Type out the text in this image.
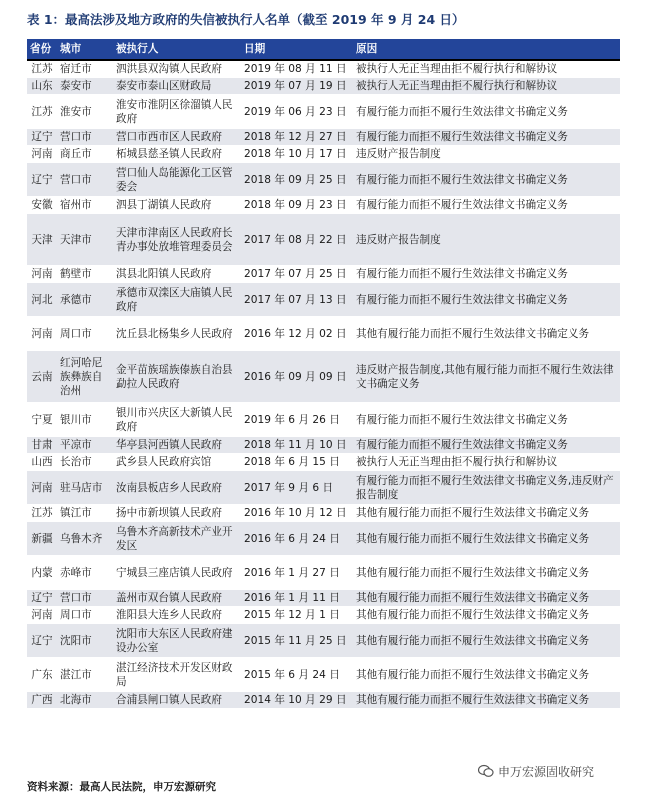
表 1：最高法涉及地方政府的失信被执行人名单（截至 2019 年 9 月 24 日）
省份	城市	被执行人	日期	原因
江苏	宿迁市	泗洪县双沟镇人民政府	2019 年 08 月 11 日	被执行人无正当理由拒不履行执行和解协议
山东	泰安市	泰安市泰山区财政局	2019 年 07 月 19 日	被执行人无正当理由拒不履行执行和解协议
江苏	淮安市	淮安市淮阴区徐溜镇人民政府	2019 年 06 月 23 日	有履行能力而拒不履行生效法律文书确定义务
辽宁	营口市	营口市西市区人民政府	2018 年 12 月 27 日	有履行能力而拒不履行生效法律文书确定义务
河南	商丘市	柘城县慈圣镇人民政府	2018 年 10 月 17 日	违反财产报告制度
辽宁	营口市	营口仙人岛能源化工区管委会	2018 年 09 月 25 日	有履行能力而拒不履行生效法律文书确定义务
安徽	宿州市	泗县丁湖镇人民政府	2018 年 09 月 23 日	有履行能力而拒不履行生效法律文书确定义务
天津	天津市	天津市津南区人民政府长青办事处放堆管理委员会	2017 年 08 月 22 日	违反财产报告制度
河南	鹤壁市	淇县北阳镇人民政府	2017 年 07 月 25 日	有履行能力而拒不履行生效法律文书确定义务
河北	承德市	承德市双滦区大庙镇人民政府	2017 年 07 月 13 日	有履行能力而拒不履行生效法律文书确定义务
河南	周口市	沈丘县北杨集乡人民政府	2016 年 12 月 02 日	其他有履行能力而拒不履行生效法律文书确定义务
云南	红河哈尼族彝族自治州	金平苗族瑶族傣族自治县勐拉人民政府	2016 年 09 月 09 日	违反财产报告制度,其他有履行能力而拒不履行生效法律文书确定义务
宁夏	银川市	银川市兴庆区大新镇人民政府	2019 年 6 月 26 日	有履行能力而拒不履行生效法律文书确定义务
甘肃	平凉市	华亭县河西镇人民政府	2018 年 11 月 10 日	有履行能力而拒不履行生效法律文书确定义务
山西	长治市	武乡县人民政府宾馆	2018 年 6 月 15 日	被执行人无正当理由拒不履行执行和解协议
河南	驻马店市	汝南县板店乡人民政府	2017 年 9 月 6 日	有履行能力而拒不履行生效法律文书确定义务,违反财产报告制度
江苏	镇江市	扬中市新坝镇人民政府	2016 年 10 月 12 日	其他有履行能力而拒不履行生效法律文书确定义务
新疆	乌鲁木齐	乌鲁木齐高新技术产业开发区	2016 年 6 月 24 日	其他有履行能力而拒不履行生效法律文书确定义务
内蒙	赤峰市	宁城县三座店镇人民政府	2016 年 1 月 27 日	其他有履行能力而拒不履行生效法律文书确定义务
辽宁	营口市	盖州市双台镇人民政府	2016 年 1 月 11 日	其他有履行能力而拒不履行生效法律文书确定义务
河南	周口市	淮阳县大连乡人民政府	2015 年 12 月 1 日	其他有履行能力而拒不履行生效法律文书确定义务
辽宁	沈阳市	沈阳市大东区人民政府建设办公室	2015 年 11 月 25 日	其他有履行能力而拒不履行生效法律文书确定义务
广东	湛江市	湛江经济技术开发区财政局	2015 年 6 月 24 日	其他有履行能力而拒不履行生效法律文书确定义务
广西	北海市	合浦县闸口镇人民政府	2014 年 10 月 29 日	其他有履行能力而拒不履行生效法律文书确定义务
资料来源：最高人民法院，申万宏源研究
申万宏源固收研究
